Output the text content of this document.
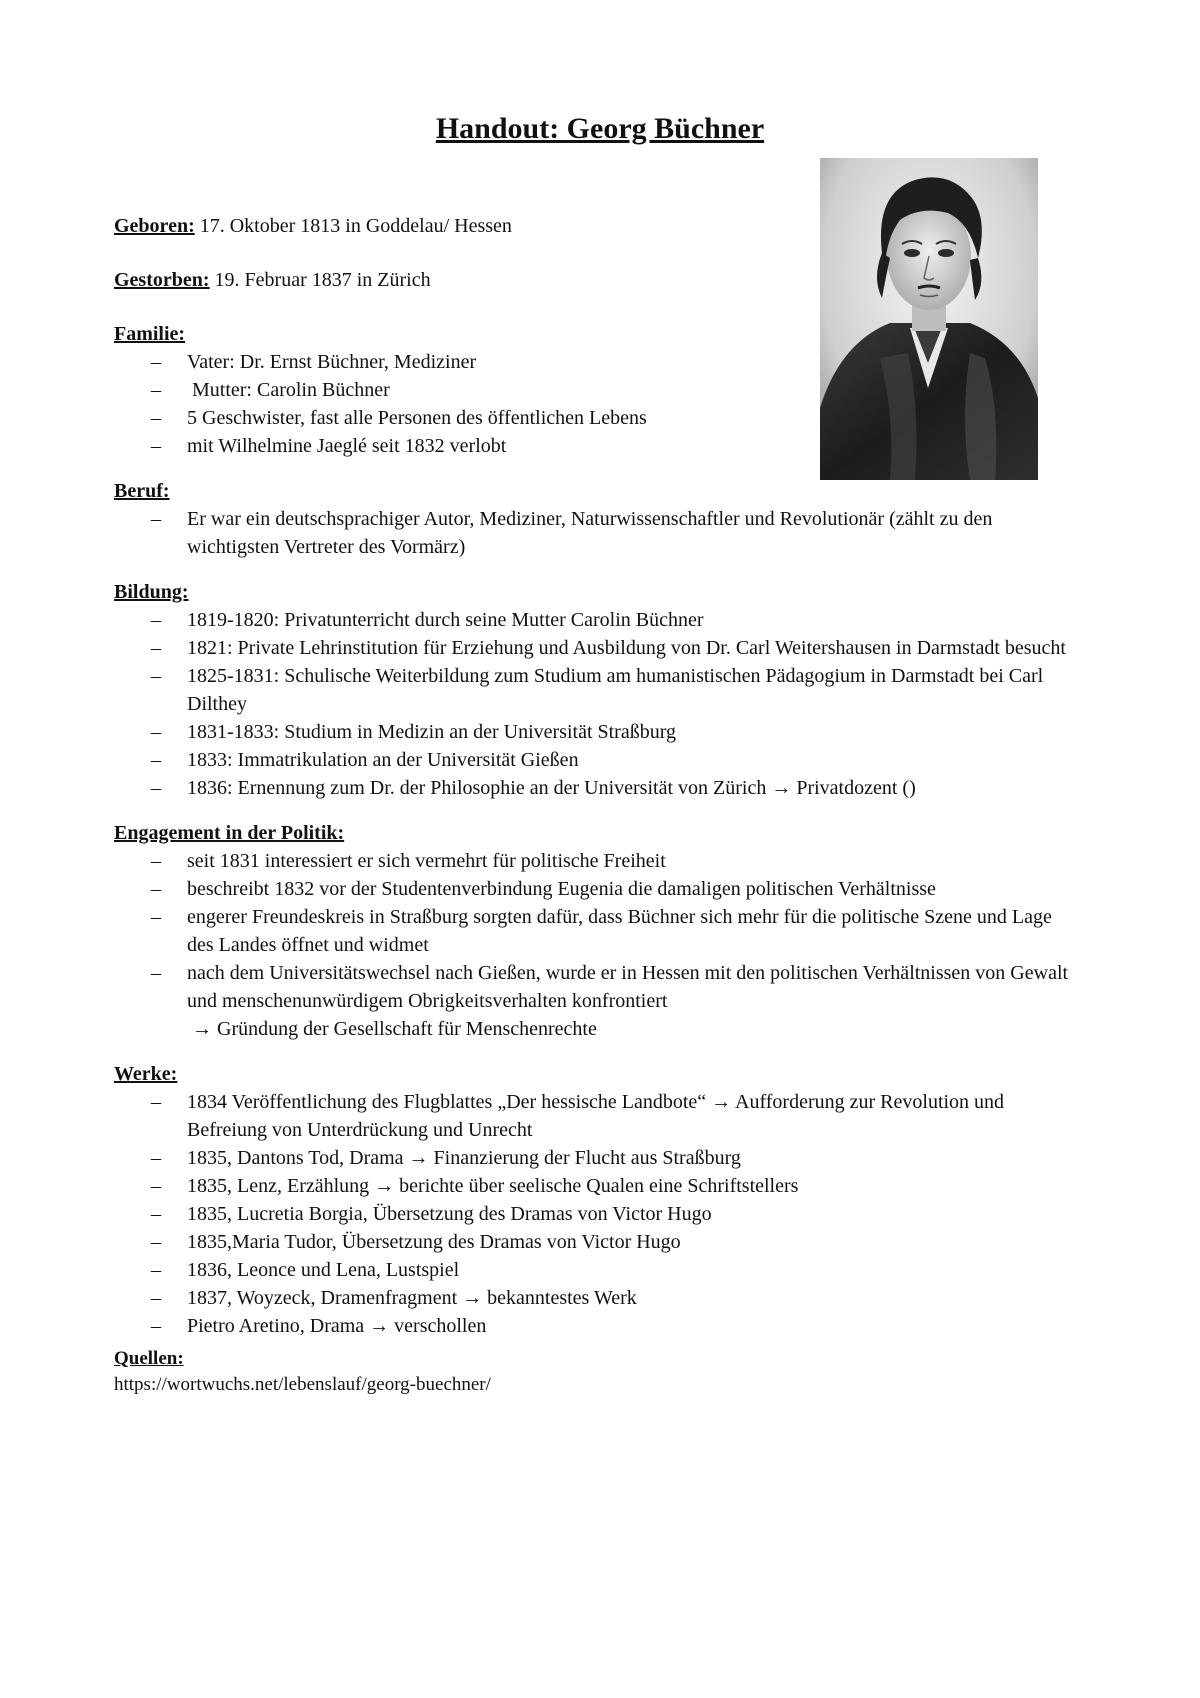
Handout: Georg Büchner

Geboren: 17. Oktober 1813 in Goddelau/ Hessen

Gestorben: 19. Februar 1837 in Zürich

Familie:
– Vater: Dr. Ernst Büchner, Mediziner
–  Mutter: Carolin Büchner
– 5 Geschwister, fast alle Personen des öffentlichen Lebens
– mit Wilhelmine Jaeglé seit 1832 verlobt
Beruf:
– Er war ein deutschsprachiger Autor, Mediziner, Naturwissenschaftler und Revolutionär (zählt zu den wichtigsten Vertreter des Vormärz)
Bildung:
– 1819-1820: Privatunterricht durch seine Mutter Carolin Büchner
– 1821: Private Lehrinstitution für Erziehung und Ausbildung von Dr. Carl Weitershausen in Darmstadt besucht
– 1825-1831: Schulische Weiterbildung zum Studium am humanistischen Pädagogium in Darmstadt bei Carl Dilthey
– 1831-1833: Studium in Medizin an der Universität Straßburg
– 1833: Immatrikulation an der Universität Gießen
– 1836: Ernennung zum Dr. der Philosophie an der Universität von Zürich → Privatdozent ()
Engagement in der Politik:
– seit 1831 interessiert er sich vermehrt für politische Freiheit
– beschreibt 1832 vor der Studentenverbindung Eugenia die damaligen politischen Verhältnisse
– engerer Freundeskreis in Straßburg sorgten dafür, dass Büchner sich mehr für die politische Szene und Lage des Landes öffnet und widmet
– nach dem Universitätswechsel nach Gießen, wurde er in Hessen mit den politischen Verhältnissen von Gewalt und menschenunwürdigem Obrigkeitsverhalten konfrontiert
→ Gründung der Gesellschaft für Menschenrechte
Werke:
– 1834 Veröffentlichung des Flugblattes „Der hessische Landbote“ → Aufforderung zur Revolution und Befreiung von Unterdrückung und Unrecht
– 1835, Dantons Tod, Drama → Finanzierung der Flucht aus Straßburg
– 1835, Lenz, Erzählung → berichte über seelische Qualen eine Schriftstellers
– 1835, Lucretia Borgia, Übersetzung des Dramas von Victor Hugo
– 1835,Maria Tudor, Übersetzung des Dramas von Victor Hugo
– 1836, Leonce und Lena, Lustspiel
– 1837, Woyzeck, Dramenfragment → bekanntestes Werk
– Pietro Aretino, Drama → verschollen
Quellen:
https://wortwuchs.net/lebenslauf/georg-buechner/
